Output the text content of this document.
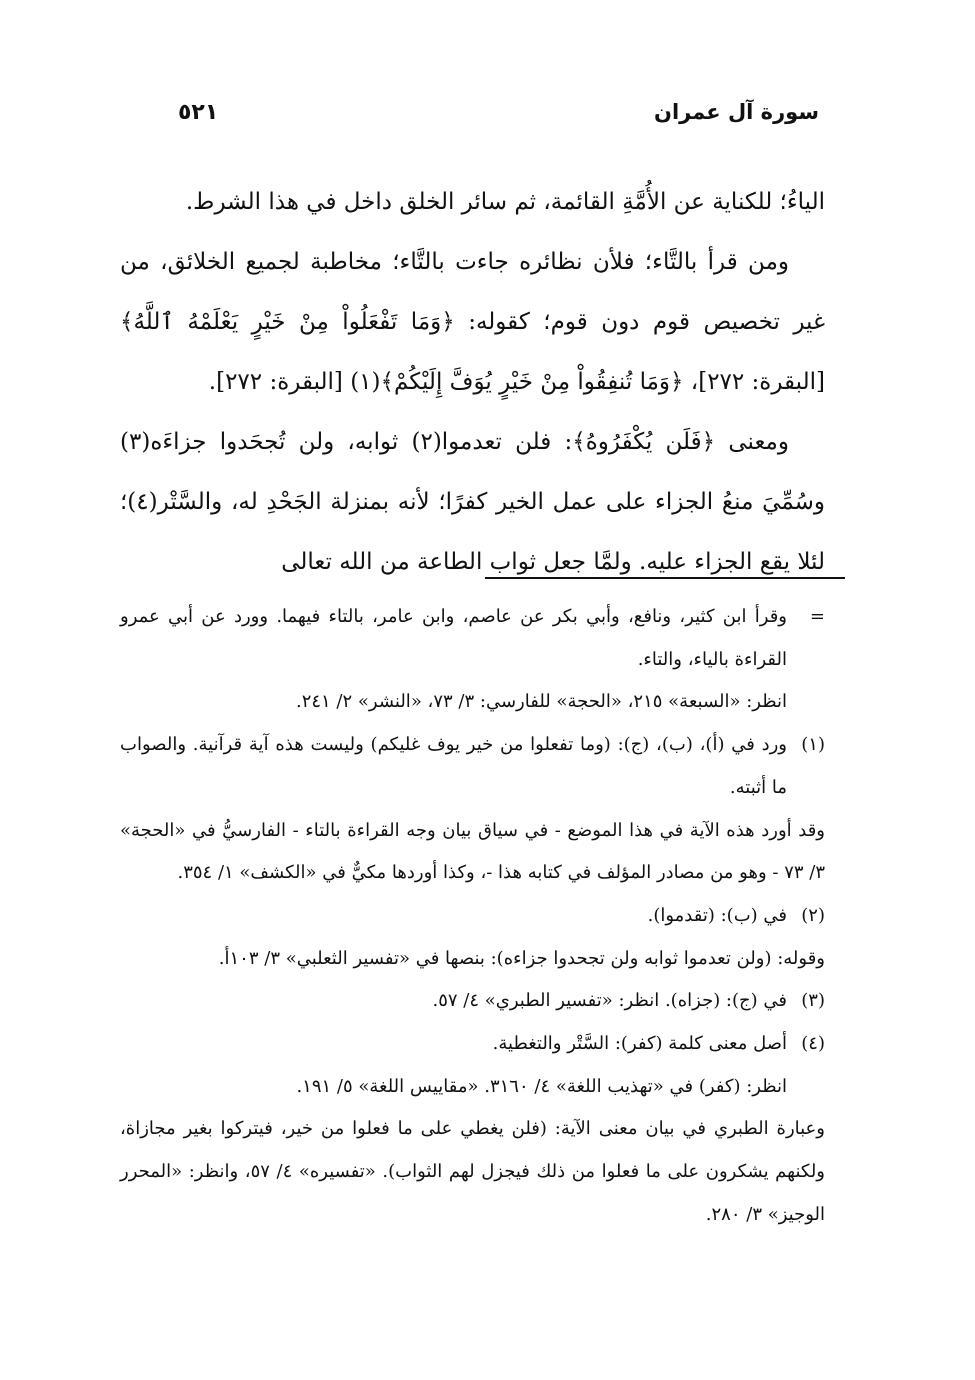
سورة آل عمران
٥٢١

الياءُ؛ للكناية عن الأُمَّةِ القائمة، ثم سائر الخلق داخل في هذا الشرط.

ومن قرأ بالتَّاء؛ فلأن نظائره جاءت بالتَّاء؛ مخاطبة لجميع الخلائق، من غير تخصيص قوم دون قوم؛ كقوله: ﴿وَمَا تَفْعَلُواْ مِنْ خَيْرٍ يَعْلَمْهُ ٱللَّهُ﴾ [البقرة: ٢٧٢]، ﴿وَمَا تُنفِقُواْ مِنْ خَيْرٍ يُوَفَّ إِلَيْكُمْ﴾(١) [البقرة: ٢٧٢].

ومعنى ﴿فَلَن يُكْفَرُوهُ﴾: فلن تعدموا(٢) ثوابه، ولن تُجحَدوا جزاءَه(٣) وسُمِّيَ منعُ الجزاء على عمل الخير كفرًا؛ لأنه بمنزلة الجَحْدِ له، والسَّتْر(٤)؛ لئلا يقع الجزاء عليه. ولمَّا جعل ثواب الطاعة من الله تعالى

=
وقرأ ابن كثير، ونافع، وأبي بكر عن عاصم، وابن عامر، بالتاء فيهما. وورد عن أبي عمرو القراءة بالياء، والتاء.

انظر: «السبعة» ٢١٥، «الحجة» للفارسي: ٣/ ٧٣، «النشر» ٢/ ٢٤١.

(١)
ورد في (أ)، (ب)، (ج): (وما تفعلوا من خير يوف غليكم) وليست هذه آية قرآنية. والصواب ما أثبته.

وقد أورد هذه الآية في هذا الموضع - في سياق بيان وجه القراءة بالتاء - الفارسيُّ في «الحجة» ٣/ ٧٣ - وهو من مصادر المؤلف في كتابه هذا -، وكذا أوردها مكيٌّ في «الكشف» ١/ ٣٥٤.

(٢)
في (ب): (تقدموا).

وقوله: (ولن تعدموا ثوابه ولن تجحدوا جزاءه): بنصها في «تفسير الثعلبي» ٣/ ١٠٣أ.

(٣)
في (ج): (جزاه). انظر: «تفسير الطبري» ٤/ ٥٧.

(٤)
أصل معنى كلمة (كفر): السَّتْر والتغطية.

انظر: (كفر) في «تهذيب اللغة» ٤/ ٣١٦٠. «مقاييس اللغة» ٥/ ١٩١.

وعبارة الطبري في بيان معنى الآية: (فلن يغطي على ما فعلوا من خير، فيتركوا بغير مجازاة، ولكنهم يشكرون على ما فعلوا من ذلك فيجزل لهم الثواب). «تفسيره» ٤/ ٥٧، وانظر: «المحرر الوجيز» ٣/ ٢٨٠.
